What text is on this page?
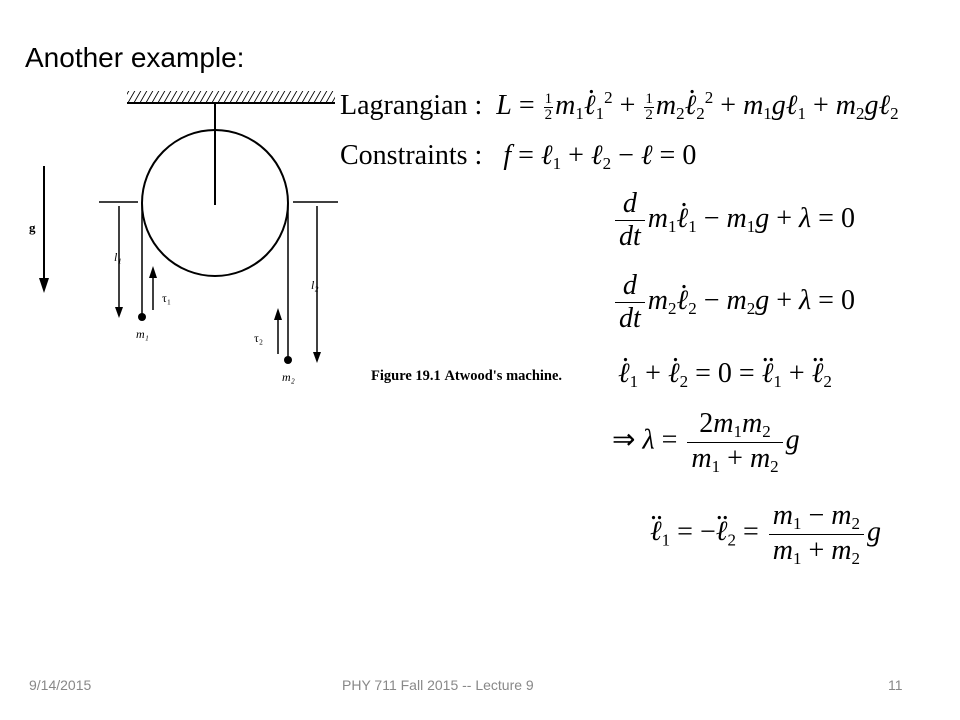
Another example:
g
l₁
l₂
τ₁
τ₂
m₁
m₂	Figure 19.1 Atwood's machine.
Lagrangian : $L = \frac{1}{2} m_1$. ℓ$_1^2$ + $\frac{1}{2} m_2$. ℓ$_2^2$ + $m_1g\ell_1$ + $m_2g\ell_2$
Constraints : f = ℓ$_1$ + ℓ$_2$ − ℓ = 0
$\frac{d}{dt} m_1$. ℓ$_1$ − $m_1g + \lambda = 0$
$\frac{d}{dt} m_2$. ℓ$_2$ − $m_2g + \lambda = 0$
. ℓ$_1$ + . ℓ$_2$ = 0 = .. ℓ$_1$ + .. ℓ$_2$
⇒ $\lambda = \frac{2m_1m_2}{m_1 + m_2}$ g
.. ℓ$_1$ = −.. ℓ$_2$ = $\frac{m_1 - m_2}{m_1 + m_2}$ g
9/14/2015	PHY 711 Fall 2015 -- Lecture 9	11
